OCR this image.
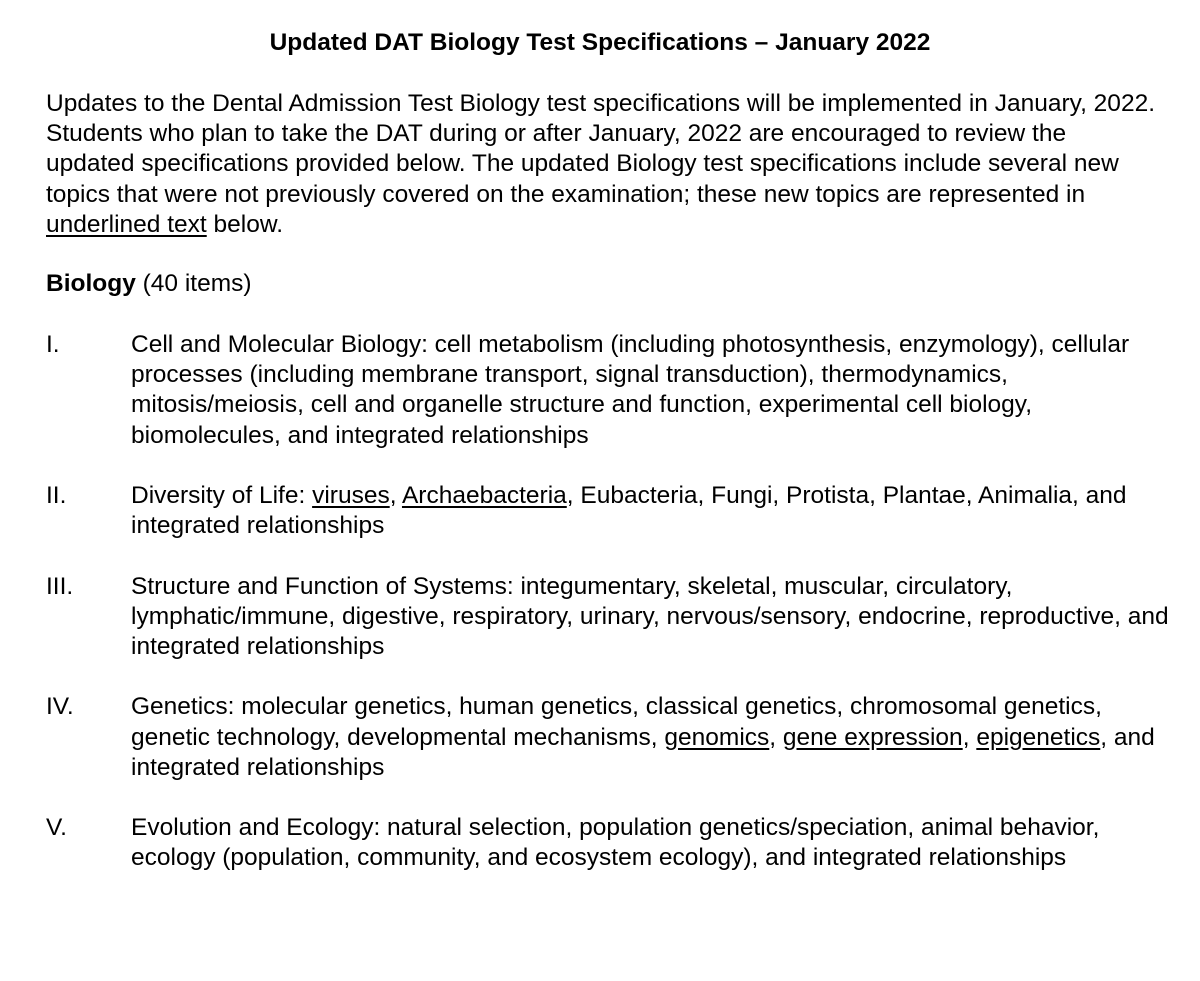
Updated DAT Biology Test Specifications – January 2022

Updates to the Dental Admission Test Biology test specifications will be implemented in January, 2022. Students who plan to take the DAT during or after January, 2022 are encouraged to review the updated specifications provided below. The updated Biology test specifications include several new topics that were not previously covered on the examination; these new topics are represented in underlined text below.

Biology (40 items)

I.	Cell and Molecular Biology: cell metabolism (including photosynthesis, enzymology), cellular processes (including membrane transport, signal transduction), thermodynamics, mitosis/meiosis, cell and organelle structure and function, experimental cell biology, biomolecules, and integrated relationships
II.	Diversity of Life: viruses, Archaebacteria, Eubacteria, Fungi, Protista, Plantae, Animalia, and integrated relationships
III.	Structure and Function of Systems: integumentary, skeletal, muscular, circulatory, lymphatic/immune, digestive, respiratory, urinary, nervous/sensory, endocrine, reproductive, and integrated relationships
IV.	Genetics: molecular genetics, human genetics, classical genetics, chromosomal genetics, genetic technology, developmental mechanisms, genomics, gene expression, epigenetics, and integrated relationships
V.	Evolution and Ecology: natural selection, population genetics/speciation, animal behavior, ecology (population, community, and ecosystem ecology), and integrated relationships
